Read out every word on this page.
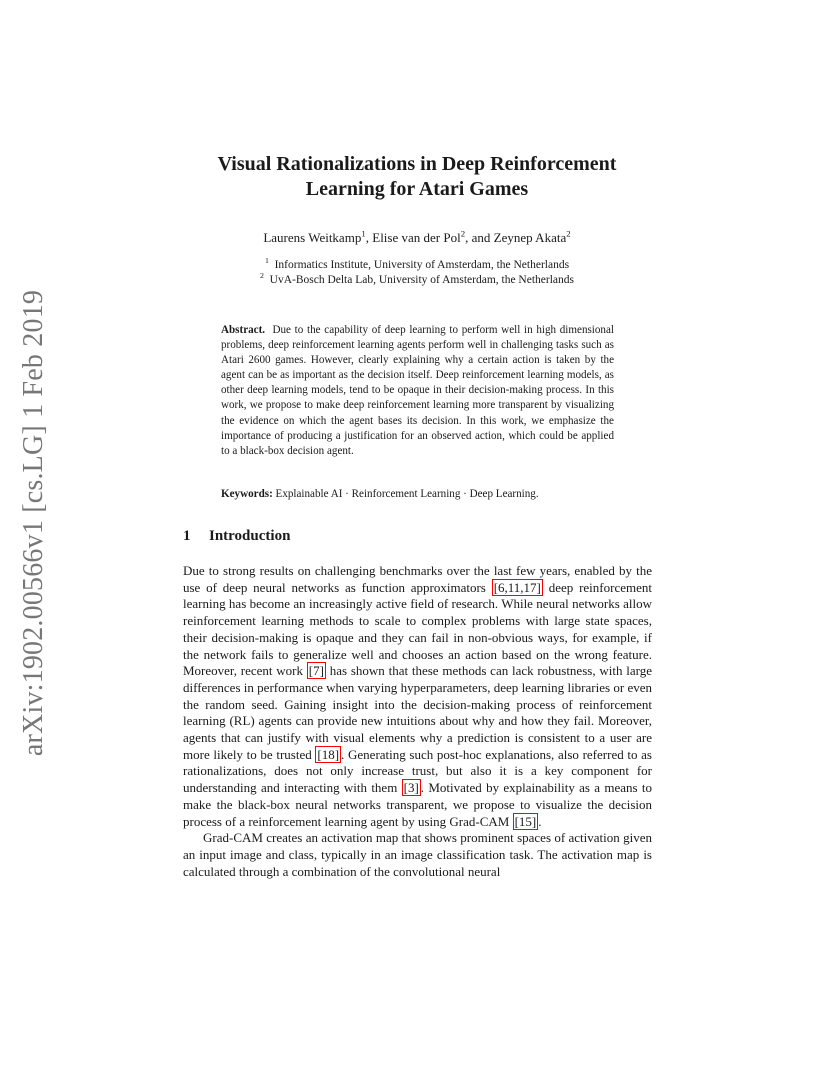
arXiv:1902.00566v1 [cs.LG] 1 Feb 2019
Visual Rationalizations in Deep Reinforcement
Learning for Atari Games
Laurens Weitkamp$^1$, Elise van der Pol$^2$, and Zeynep Akata$^2$
$^1$ Informatics Institute, University of Amsterdam, the Netherlands
$^2$ UvA-Bosch Delta Lab, University of Amsterdam, the Netherlands
Abstract. Due to the capability of deep learning to perform well in high dimensional problems, deep reinforcement learning agents perform well in challenging tasks such as Atari 2600 games. However, clearly explaining why a certain action is taken by the agent can be as important as the decision itself. Deep reinforcement learning models, as other deep learning models, tend to be opaque in their decision-making process. In this work, we propose to make deep reinforcement learning more transparent by visualizing the evidence on which the agent bases its decision. In this work, we emphasize the importance of producing a justification for an observed action, which could be applied to a black-box decision agent.
Keywords: Explainable AI · Reinforcement Learning · Deep Learning.
1 Introduction

Due to strong results on challenging benchmarks over the last few years, enabled by the use of deep neural networks as function approximators [6,11,17] deep reinforcement learning has become an increasingly active field of research. While neural networks allow reinforcement learning methods to scale to complex problems with large state spaces, their decision-making is opaque and they can fail in non-obvious ways, for example, if the network fails to generalize well and chooses an action based on the wrong feature. Moreover, recent work [7] has shown that these methods can lack robustness, with large differences in performance when varying hyperparameters, deep learning libraries or even the random seed. Gaining insight into the decision-making process of reinforcement learning (RL) agents can provide new intuitions about why and how they fail. Moreover, agents that can justify with visual elements why a prediction is consistent to a user are more likely to be trusted [18] . Generating such post-hoc explanations, also referred to as rationalizations, does not only increase trust, but also it is a key component for understanding and interacting with them [3] . Motivated by explainability as a means to make the black-box neural networks transparent, we propose to visualize the decision process of a reinforcement learning agent by using Grad-CAM [15] .

Grad-CAM creates an activation map that shows prominent spaces of activation given an input image and class, typically in an image classification task. The activation map is calculated through a combination of the convolutional neural
